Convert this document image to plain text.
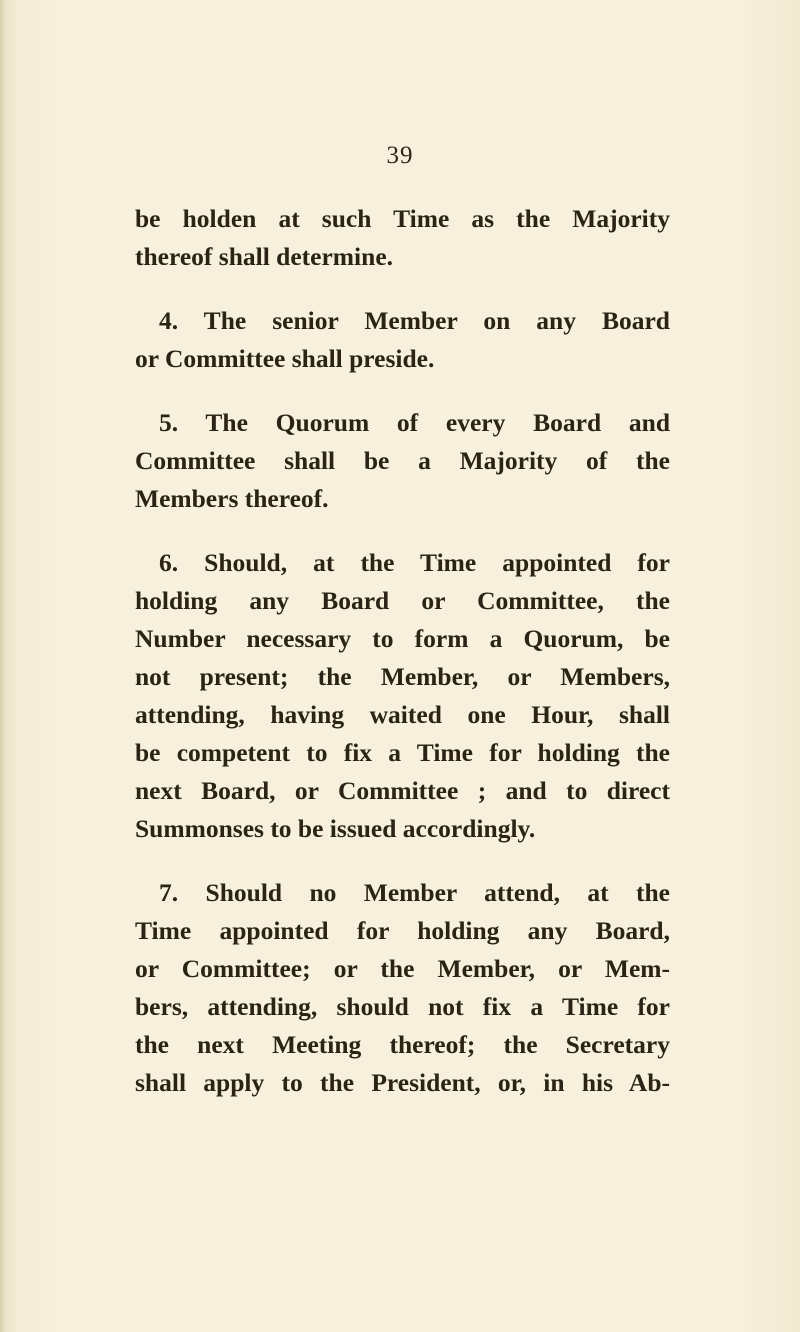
39
be holden at such Time as the Majority
thereof shall determine.
4. The senior Member on any Board
or Committee shall preside.
5. The Quorum of every Board and
Committee shall be a Majority of the
Members thereof.
6. Should, at the Time appointed for
holding any Board or Committee, the
Number necessary to form a Quorum, be
not present; the Member, or Members,
attending, having waited one Hour, shall
be competent to fix a Time for holding the
next Board, or Committee ; and to direct
Summonses to be issued accordingly.
7. Should no Member attend, at the
Time appointed for holding any Board,
or Committee; or the Member, or Mem-
bers, attending, should not fix a Time for
the next Meeting thereof; the Secretary
shall apply to the President, or, in his Ab-
